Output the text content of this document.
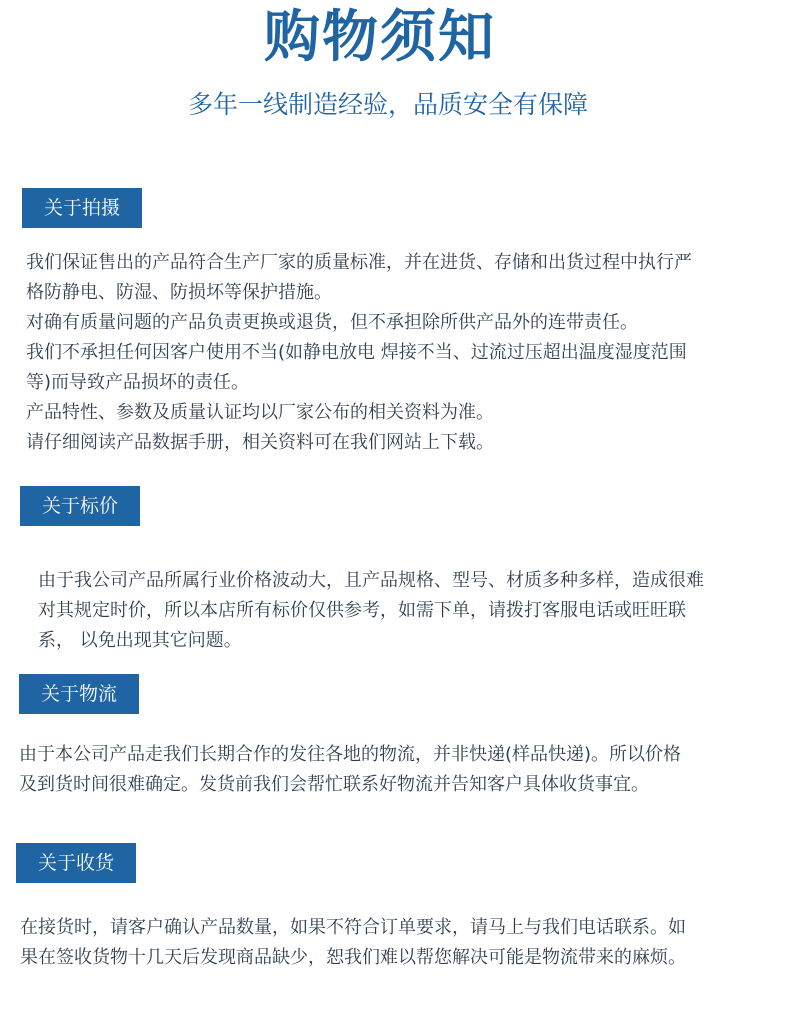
购物须知
多年一线制造经验，品质安全有保障
关于拍摄
我们保证售出的产品符合生产厂家的质量标准，并在进货、存储和出货过程中执行严
格防静电、防湿、防损坏等保护措施。
对确有质量问题的产品负责更换或退货，但不承担除所供产品外的连带责任。
我们不承担任何因客户使用不当(如静电放电 焊接不当、过流过压超出温度湿度范围
等)而导致产品损坏的责任。
产品特性、参数及质量认证均以厂家公布的相关资料为准。
请仔细阅读产品数据手册，相关资料可在我们网站上下载。
关于标价
由于我公司产品所属行业价格波动大，且产品规格、型号、材质多种多样，造成很难
对其规定时价，所以本店所有标价仅供参考，如需下单，请拨打客服电话或旺旺联
系， 以免出现其它问题。
关于物流
由于本公司产品走我们长期合作的发往各地的物流，并非快递(样品快递)。所以价格
及到货时间很难确定。发货前我们会帮忙联系好物流并告知客户具体收货事宜。
关于收货
在接货时，请客户确认产品数量，如果不符合订单要求，请马上与我们电话联系。如
果在签收货物十几天后发现商品缺少，恕我们难以帮您解决可能是物流带来的麻烦。
